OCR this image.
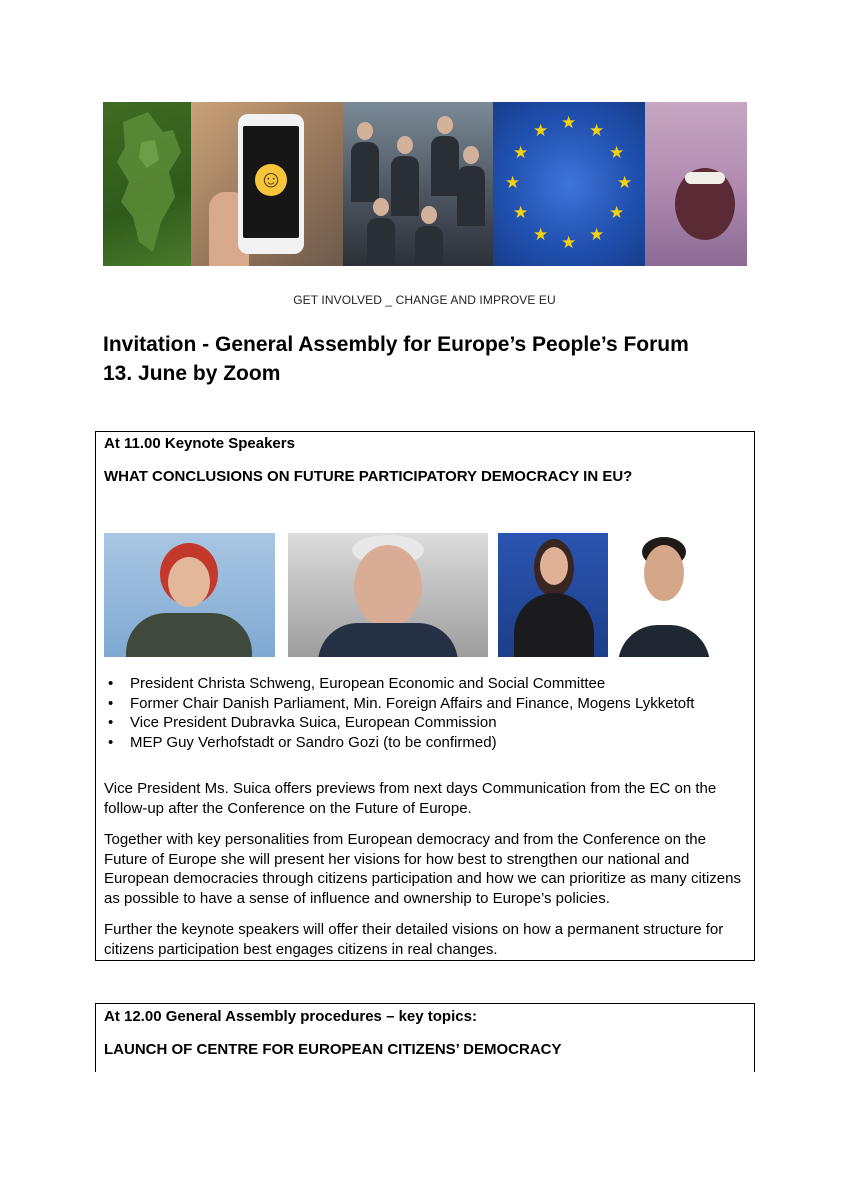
☺
★ ★
★
★
★
★
★
★
★
★
★
★
GET INVOLVED _ CHANGE AND IMPROVE EU
Invitation - General Assembly for Europe’s People’s Forum
13. June by Zoom
At 11.00 Keynote Speakers
WHAT CONCLUSIONS ON FUTURE PARTICIPATORY DEMOCRACY IN EU?
• President Christa Schweng, European Economic and Social Committee
• Former Chair Danish Parliament, Min. Foreign Affairs and Finance, Mogens Lykketoft
• Vice President Dubravka Suica, European Commission
• MEP Guy Verhofstadt or Sandro Gozi (to be confirmed)

Vice President Ms. Suica offers previews from next days Communication from the EC on the follow-up after the Conference on the Future of Europe.

Together with key personalities from European democracy and from the Conference on the Future of Europe she will present her visions for how best to strengthen our national and European democracies through citizens participation and how we can prioritize as many citizens as possible to have a sense of influence and ownership to Europe’s policies.

Further the keynote speakers will offer their detailed visions on how a permanent structure for citizens participation best engages citizens in real changes.

At 12.00 General Assembly procedures – key topics:
LAUNCH OF CENTRE FOR EUROPEAN CITIZENS’ DEMOCRACY
